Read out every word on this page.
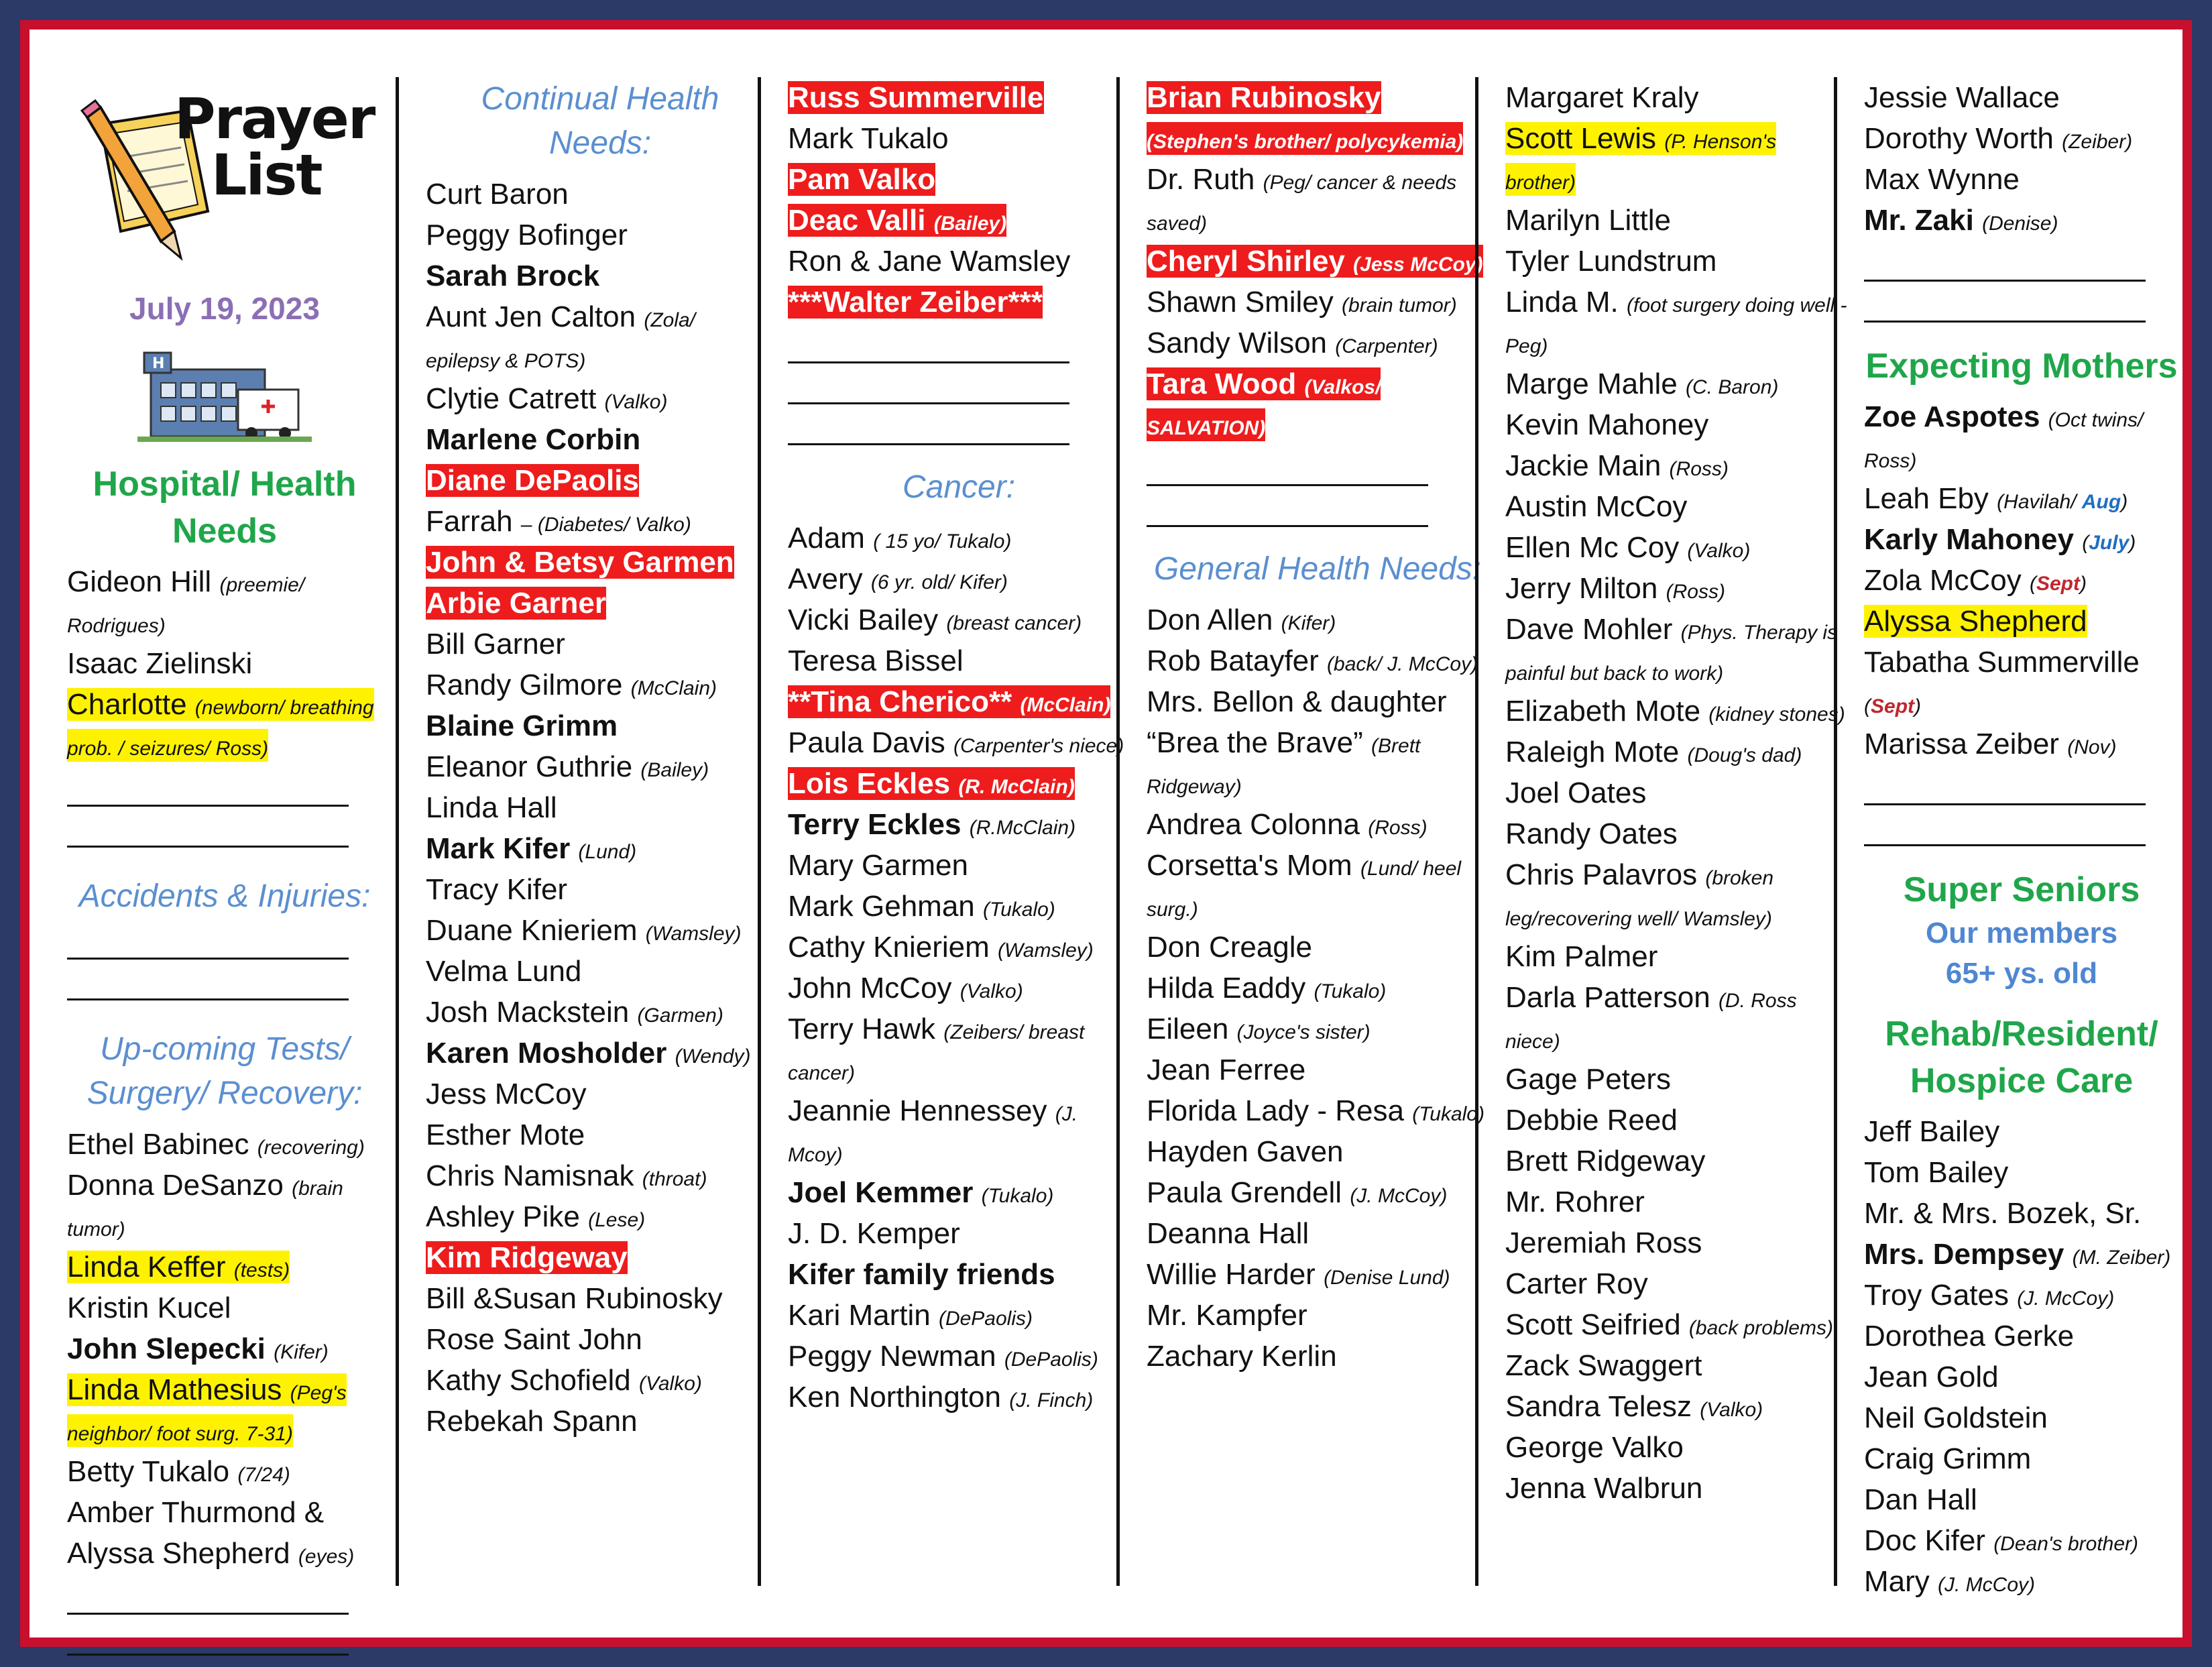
Prayer
List
July 19, 2023
H
Hospital/ Health Needs
Gideon Hill (preemie/ Rodrigues)
Isaac Zielinski
Charlotte (newborn/ breathing prob. / seizures/ Ross)
Accidents & Injuries:
Up-coming Tests/ Surgery/ Recovery:
Ethel Babinec (recovering)
Donna DeSanzo (brain tumor)
Linda Keffer (tests)
Kristin Kucel
John Slepecki (Kifer)
Linda Mathesius (Peg's neighbor/ foot surg. 7-31)
Betty Tukalo (7/24)
Amber Thurmond &
Alyssa Shepherd (eyes)
Continual Health Needs:
Curt Baron
Peggy Bofinger
Sarah Brock
Aunt Jen Calton (Zola/ epilepsy & POTS)
Clytie Catrett (Valko)
Marlene Corbin
Diane DePaolis
Farrah – (Diabetes/ Valko)
John & Betsy Garmen
Arbie Garner
Bill Garner
Randy Gilmore (McClain)
Blaine Grimm
Eleanor Guthrie (Bailey)
Linda Hall
Mark Kifer (Lund)
Tracy Kifer
Duane Knieriem (Wamsley)
Velma Lund
Josh Mackstein (Garmen)
Karen Mosholder (Wendy)
Jess McCoy
Esther Mote
Chris Namisnak (throat)
Ashley Pike (Lese)
Kim Ridgeway
Bill &Susan Rubinosky
Rose Saint John
Kathy Schofield (Valko)
Rebekah Spann
Russ Summerville
Mark Tukalo
Pam Valko
Deac Valli (Bailey)
Ron & Jane Wamsley
***Walter Zeiber***
Cancer:
Adam ( 15 yo/ Tukalo)
Avery (6 yr. old/ Kifer)
Vicki Bailey (breast cancer)
Teresa Bissel
**Tina Cherico** (McClain)
Paula Davis (Carpenter's niece)
Lois Eckles (R. McClain)
Terry Eckles (R.McClain)
Mary Garmen
Mark Gehman (Tukalo)
Cathy Knieriem (Wamsley)
John McCoy (Valko)
Terry Hawk (Zeibers/ breast cancer)
Jeannie Hennessey (J. Mcoy)
Joel Kemmer (Tukalo)
J. D. Kemper
Kifer family friends
Kari Martin (DePaolis)
Peggy Newman (DePaolis)
Ken Northington (J. Finch)
Brian Rubinosky (Stephen's brother/ polycykemia)
Dr. Ruth (Peg/ cancer & needs saved)
Cheryl Shirley (Jess McCoy)
Shawn Smiley (brain tumor)
Sandy Wilson (Carpenter)
Tara Wood (Valkos/ SALVATION)
General Health Needs:
Don Allen (Kifer)
Rob Batayfer (back/ J. McCoy)
Mrs. Bellon & daughter
“Brea the Brave” (Brett Ridgeway)
Andrea Colonna (Ross)
Corsetta's Mom (Lund/ heel surg.)
Don Creagle
Hilda Eaddy (Tukalo)
Eileen (Joyce's sister)
Jean Ferree
Florida Lady - Resa (Tukalo)
Hayden Gaven
Paula Grendell (J. McCoy)
Deanna Hall
Willie Harder (Denise Lund)
Mr. Kampfer
Zachary Kerlin
Margaret Kraly
Scott Lewis (P. Henson's brother)
Marilyn Little
Tyler Lundstrum
Linda M. (foot surgery doing well - Peg)
Marge Mahle (C. Baron)
Kevin Mahoney
Jackie Main (Ross)
Austin McCoy
Ellen Mc Coy (Valko)
Jerry Milton (Ross)
Dave Mohler (Phys. Therapy is painful but back to work)
Elizabeth Mote (kidney stones)
Raleigh Mote (Doug's dad)
Joel Oates
Randy Oates
Chris Palavros (broken leg/recovering well/ Wamsley)
Kim Palmer
Darla Patterson (D. Ross niece)
Gage Peters
Debbie Reed
Brett Ridgeway
Mr. Rohrer
Jeremiah Ross
Carter Roy
Scott Seifried (back problems)
Zack Swaggert
Sandra Telesz (Valko)
George Valko
Jenna Walbrun
Jessie Wallace
Dorothy Worth (Zeiber)
Max Wynne
Mr. Zaki (Denise)
Expecting Mothers
Zoe Aspotes (Oct twins/ Ross)
Leah Eby (Havilah/ Aug)
Karly Mahoney (July)
Zola McCoy (Sept)
Alyssa Shepherd
Tabatha Summerville (Sept)
Marissa Zeiber (Nov)
Super Seniors
Our members
65+ ys. old
Rehab/Resident/ Hospice Care
Jeff Bailey
Tom Bailey
Mr. & Mrs. Bozek, Sr.
Mrs. Dempsey (M. Zeiber)
Troy Gates (J. McCoy)
Dorothea Gerke
Jean Gold
Neil Goldstein
Craig Grimm
Dan Hall
Doc Kifer (Dean's brother)
Mary (J. McCoy)
